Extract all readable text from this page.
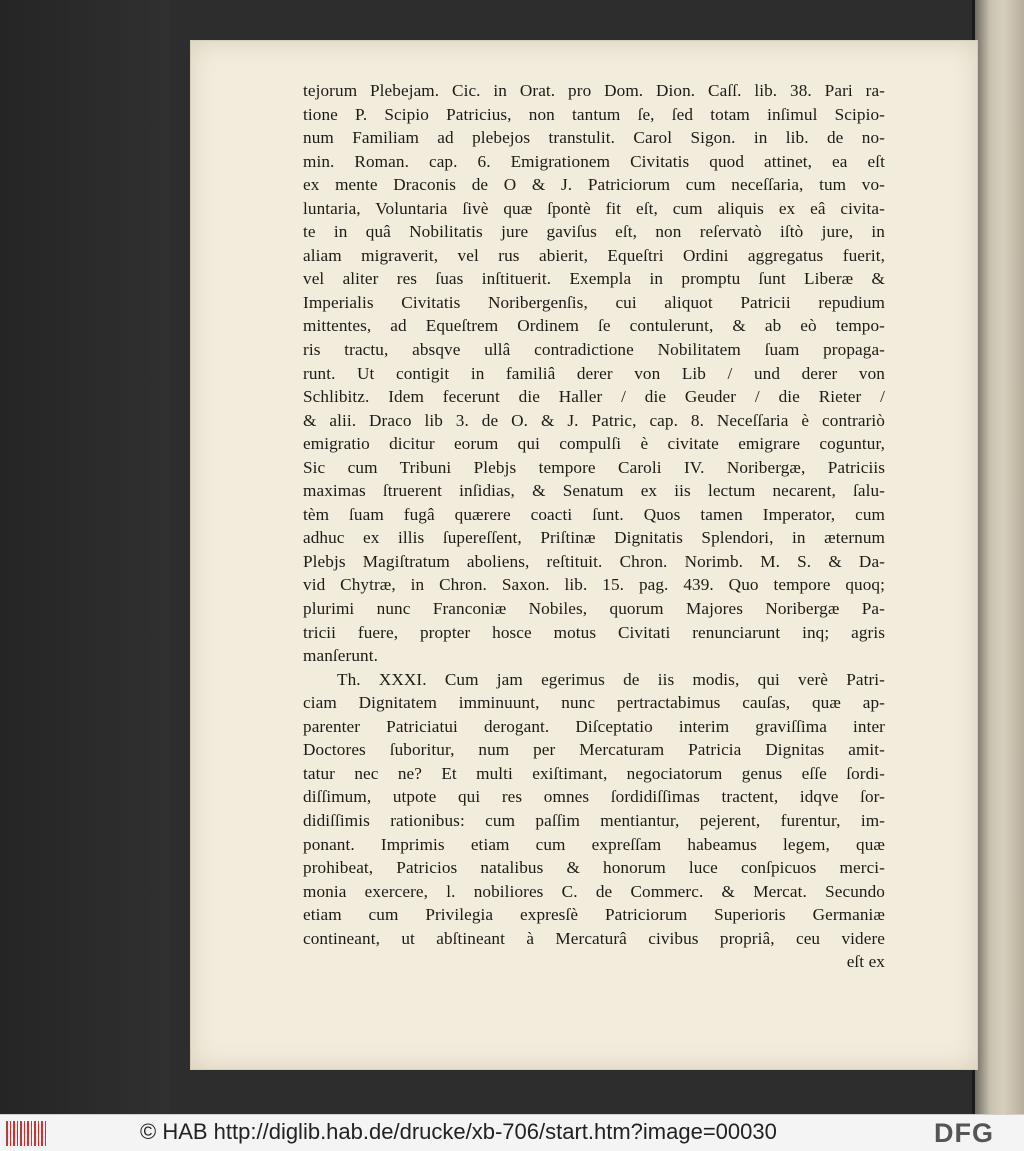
tejorum Plebejam. Cic. in Orat. pro Dom. Dion. Caſſ. lib. 38. Pari ra-
tione P. Scipio Patricius, non tantum ſe, ſed totam inſimul Scipio-
num Familiam ad plebejos transtulit. Carol Sigon. in lib. de no-
min. Roman. cap. 6. Emigrationem Civitatis quod attinet, ea eſt
ex mente Draconis de O & J. Patriciorum cum neceſſaria, tum vo-
luntaria, Voluntaria ſivè quæ ſpontè fit eſt, cum aliquis ex eâ civita-
te in quâ Nobilitatis jure gaviſus eſt, non reſervatò iſtò jure, in
aliam migraverit, vel rus abierit, Equeſtri Ordini aggregatus fuerit,
vel aliter res ſuas inſtituerit. Exempla in promptu ſunt Liberæ &
Imperialis Civitatis Noribergenſis, cui aliquot Patricii repudium
mittentes, ad Equeſtrem Ordinem ſe contulerunt, & ab eò tempo-
ris tractu, absqve ullâ contradictione Nobilitatem ſuam propaga-
runt. Ut contigit in familiâ derer von Lib / und derer von
Schlibitz. Idem fecerunt die Haller / die Geuder / die Rieter /
& alii. Draco lib 3. de O. & J. Patric, cap. 8. Neceſſaria è contrariò
emigratio dicitur eorum qui compulſi è civitate emigrare coguntur,
Sic cum Tribuni Plebjs tempore Caroli IV. Noribergæ, Patriciis
maximas ſtruerent inſidias, & Senatum ex iis lectum necarent, ſalu-
tèm ſuam fugâ quærere coacti ſunt. Quos tamen Imperator, cum
adhuc ex illis ſupereſſent, Priſtinæ Dignitatis Splendori, in æternum
Plebjs Magiſtratum aboliens, reſtituit. Chron. Norimb. M. S. & Da-
vid Chytræ, in Chron. Saxon. lib. 15. pag. 439. Quo tempore quoq;
plurimi nunc Franconiæ Nobiles, quorum Majores Noribergæ Pa-
tricii fuere, propter hosce motus Civitati renunciarunt inq; agris
manſerunt.
Th. XXXI. Cum jam egerimus de iis modis, qui verè Patri-
ciam Dignitatem imminuunt, nunc pertractabimus cauſas, quæ ap-
parenter Patriciatui derogant. Diſceptatio interim graviſſima inter
Doctores ſuboritur, num per Mercaturam Patricia Dignitas amit-
tatur nec ne? Et multi exiſtimant, negociatorum genus eſſe ſordi-
diſſimum, utpote qui res omnes ſordidiſſimas tractent, idqve ſor-
didiſſimis rationibus: cum paſſim mentiantur, pejerent, furentur, im-
ponant. Imprimis etiam cum expreſſam habeamus legem, quæ
prohibeat, Patricios natalibus & honorum luce conſpicuos merci-
monia exercere, l. nobiliores C. de Commerc. & Mercat. Secundo
etiam cum Privilegia expresſè Patriciorum Superioris Germaniæ
contineant, ut abſtineant à Mercaturâ civibus propriâ, ceu videre
eſt ex
© HAB http://diglib.hab.de/drucke/xb-706/start.htm?image=00030	DFG
